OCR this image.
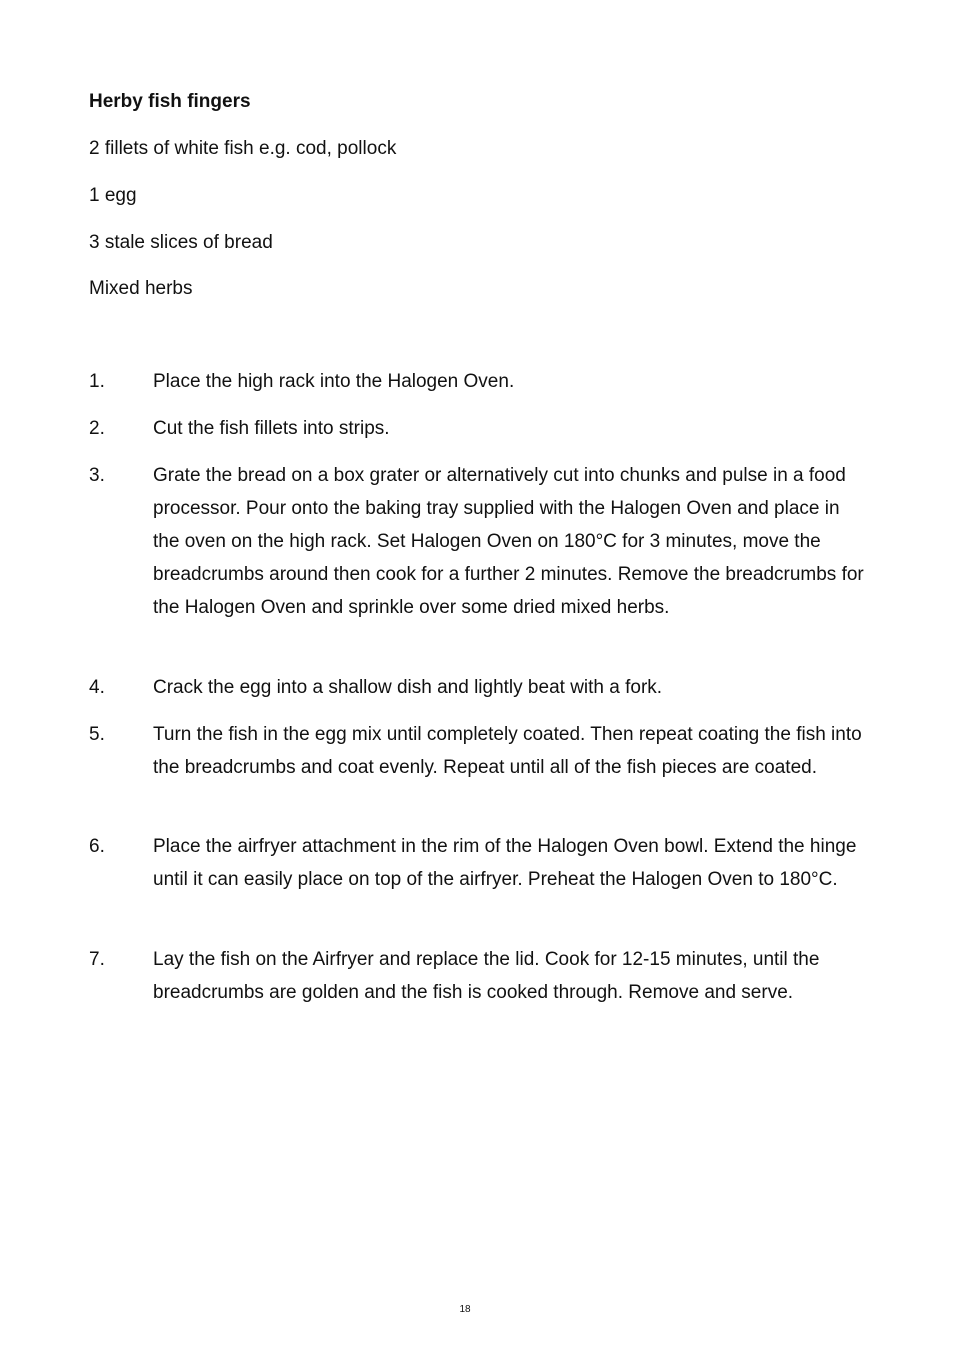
Herby fish fingers
2 fillets of white fish e.g. cod, pollock
1 egg
3 stale slices of bread
Mixed herbs
1.	Place the high rack into the Halogen Oven.
2.	Cut the fish fillets into strips.
3.	Grate the bread on a box grater or alternatively cut into chunks and pulse in a food processor. Pour onto the baking tray supplied with the Halogen Oven and place in the oven on the high rack. Set Halogen Oven on 180°C for 3 minutes, move the breadcrumbs around then cook for a further 2 minutes. Remove the breadcrumbs for the Halogen Oven and sprinkle over some dried mixed herbs.
4.	Crack the egg into a shallow dish and lightly beat with a fork.
5.	Turn the fish in the egg mix until completely coated. Then repeat coating the fish into the breadcrumbs and coat evenly. Repeat until all of the fish pieces are coated.
6.	Place the airfryer attachment in the rim of the Halogen Oven bowl. Extend the hinge until it can easily place on top of the airfryer. Preheat the Halogen Oven to 180°C.
7.	Lay the fish on the Airfryer and replace the lid. Cook for 12-15 minutes, until the breadcrumbs are golden and the fish is cooked through. Remove and serve.
18
